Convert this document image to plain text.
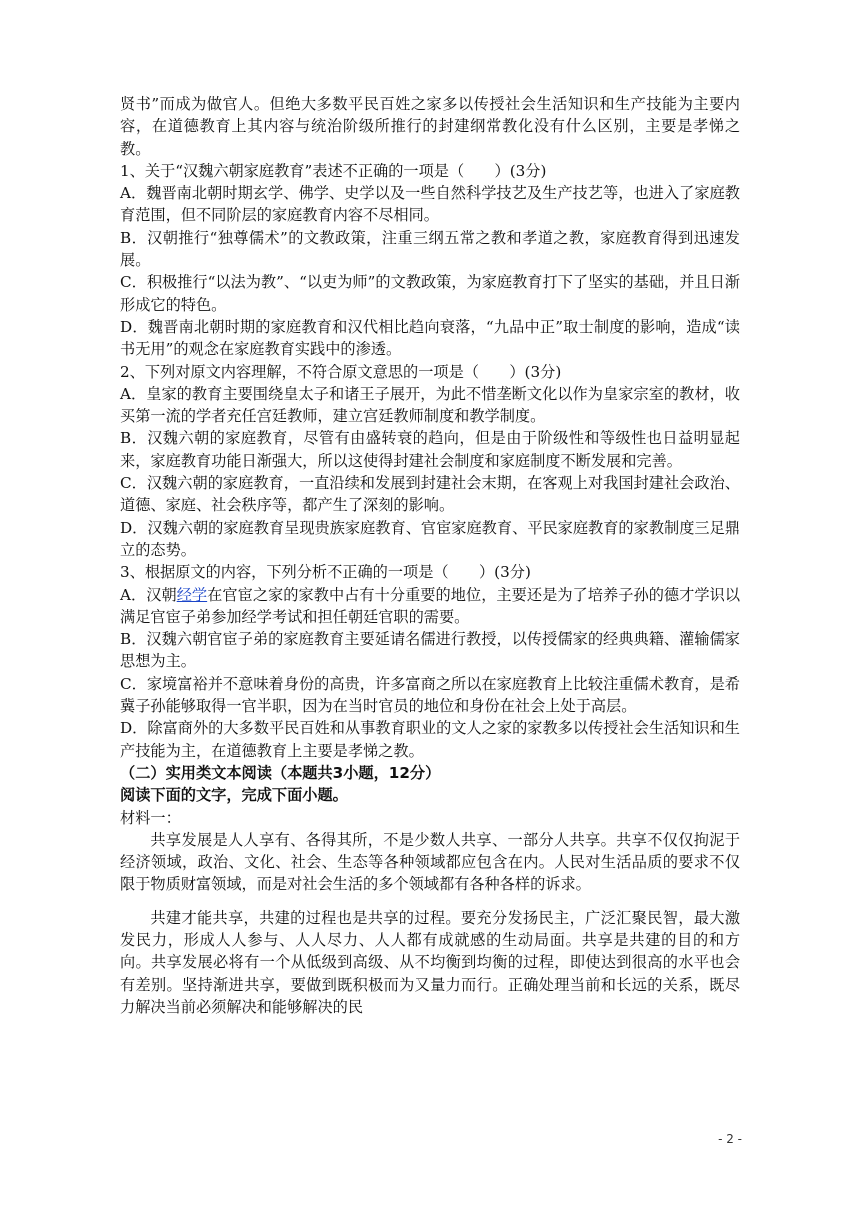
贤书”而成为做官人。但绝大多数平民百姓之家多以传授社会生活知识和生产技能为主要内容，在道德教育上其内容与统治阶级所推行的封建纲常教化没有什么区别，主要是孝悌之教。

1、关于“汉魏六朝家庭教育”表述不正确的一项是（　　）(3分)

A．魏晋南北朝时期玄学、佛学、史学以及一些自然科学技艺及生产技艺等，也进入了家庭教育范围，但不同阶层的家庭教育内容不尽相同。

B．汉朝推行“独尊儒术”的文教政策，注重三纲五常之教和孝道之教，家庭教育得到迅速发展。

C．积极推行“以法为教”、“以吏为师”的文教政策，为家庭教育打下了坚实的基础，并且日渐形成它的特色。

D．魏晋南北朝时期的家庭教育和汉代相比趋向衰落，“九品中正”取士制度的影响，造成“读书无用”的观念在家庭教育实践中的渗透。

2、下列对原文内容理解，不符合原文意思的一项是（　　）(3分)

A．皇家的教育主要围绕皇太子和诸王子展开，为此不惜垄断文化以作为皇家宗室的教材，收买第一流的学者充任宫廷教师，建立宫廷教师制度和教学制度。

B．汉魏六朝的家庭教育，尽管有由盛转衰的趋向，但是由于阶级性和等级性也日益明显起来，家庭教育功能日渐强大，所以这使得封建社会制度和家庭制度不断发展和完善。

C．汉魏六朝的家庭教育，一直沿续和发展到封建社会末期，在客观上对我国封建社会政治、道德、家庭、社会秩序等，都产生了深刻的影响。

D．汉魏六朝的家庭教育呈现贵族家庭教育、官宦家庭教育、平民家庭教育的家教制度三足鼎立的态势。

3、根据原文的内容，下列分析不正确的一项是（　　）(3分)

A．汉朝经学在官宦之家的家教中占有十分重要的地位，主要还是为了培养子孙的德才学识以满足官宦子弟参加经学考试和担任朝廷官职的需要。

B．汉魏六朝官宦子弟的家庭教育主要延请名儒进行教授，以传授儒家的经典典籍、灌输儒家思想为主。

C．家境富裕并不意味着身份的高贵，许多富商之所以在家庭教育上比较注重儒术教育，是希冀子孙能够取得一官半职，因为在当时官员的地位和身份在社会上处于高层。

D．除富商外的大多数平民百姓和从事教育职业的文人之家的家教多以传授社会生活知识和生产技能为主，在道德教育上主要是孝悌之教。

（二）实用类文本阅读（本题共3小题，12分）

阅读下面的文字，完成下面小题。

材料一：

共享发展是人人享有、各得其所，不是少数人共享、一部分人共享。共享不仅仅拘泥于经济领域，政治、文化、社会、生态等各种领域都应包含在内。人民对生活品质的要求不仅限于物质财富领域，而是对社会生活的多个领域都有各种各样的诉求。

共建才能共享，共建的过程也是共享的过程。要充分发扬民主，广泛汇聚民智，最大激发民力，形成人人参与、人人尽力、人人都有成就感的生动局面。共享是共建的目的和方向。共享发展必将有一个从低级到高级、从不均衡到均衡的过程，即使达到很高的水平也会有差别。坚持渐进共享，要做到既积极而为又量力而行。正确处理当前和长远的关系，既尽力解决当前必须解决和能够解决的民

- 2 -
